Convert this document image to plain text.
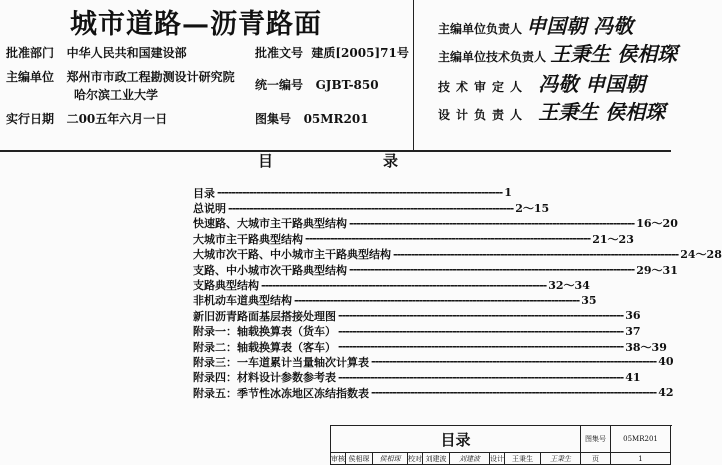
城市道路—沥青路面
批准部门 中华人民共和国建设部	批准文号 建质[2005]71号
主编单位 郑州市市政工程勘测设计研究院
哈尔滨工业大学
统一编号 GJBT-850
实行日期 二00五年六月一日	图集号 05MR201
主编单位负责人 申国朝 冯敬
主编单位技术负责人 王秉生 侯相琛
技术审定人 冯敬 申国朝
设计负责人 王秉生 侯相琛
目	录
目录 -------------------------------------------------------------------------------- 1
总说明 -------------------------------------------------------------------------------- 2～15
快速路、大城市主干路典型结构 -------------------------------------------------------------------------------- 16～20
大城市主干路典型结构 -------------------------------------------------------------------------------- 21～23
大城市次干路、中小城市主干路典型结构 -------------------------------------------------------------------------------- 24～28
支路、中小城市次干路典型结构 -------------------------------------------------------------------------------- 29～31
支路典型结构 -------------------------------------------------------------------------------- 32～34
非机动车道典型结构 -------------------------------------------------------------------------------- 35
新旧沥青路面基层搭接处理图 -------------------------------------------------------------------------------- 36
附录一：轴载换算表（货车） -------------------------------------------------------------------------------- 37
附录二：轴载换算表（客车） -------------------------------------------------------------------------------- 38～39
附录三：一车道累计当量轴次计算表 -------------------------------------------------------------------------------- 40
附录四：材料设计参数参考表 -------------------------------------------------------------------------------- 41
附录五：季节性冰冻地区冻结指数表 -------------------------------------------------------------------------------- 42
目录	图集号	05MR201
审核 侯相琛	侯相琛	校对 刘建波	刘建波	设计	王秉生	王秉生	页	1
